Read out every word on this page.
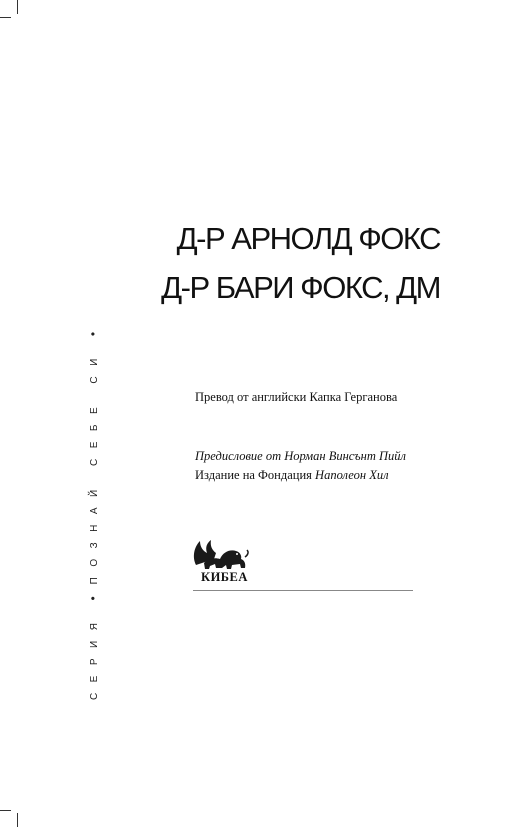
СЕРИЯ•ПОЗНАЙ СЕБЕ СИ•
Д-Р АРНОЛД ФОКС
Д-Р БАРИ ФОКС, ДМ
Превод от английски Капка Герганова
Предисловие от Норман Винсънт Пийл
Издание на Фондация Наполеон Хил
КИБЕА
